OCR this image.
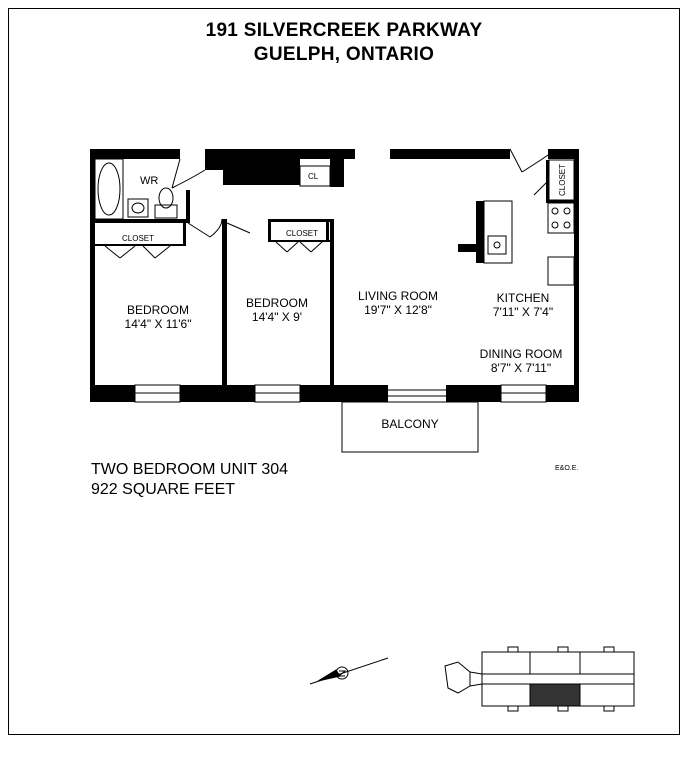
191 SILVERCREEK PARKWAY
GUELPH, ONTARIO
WR	CL
CLOSET
CLOSET
CLOSET
BEDROOM
14'4" X 11'6"
BEDROOM
14'4" X 9'
LIVING ROOM
19'7" X 12'8"
KITCHEN
7'11" X 7'4"
DINING ROOM
8'7" X 7'11"
BALCONY
TWO BEDROOM UNIT 304
922 SQUARE FEET
E&O.E.
